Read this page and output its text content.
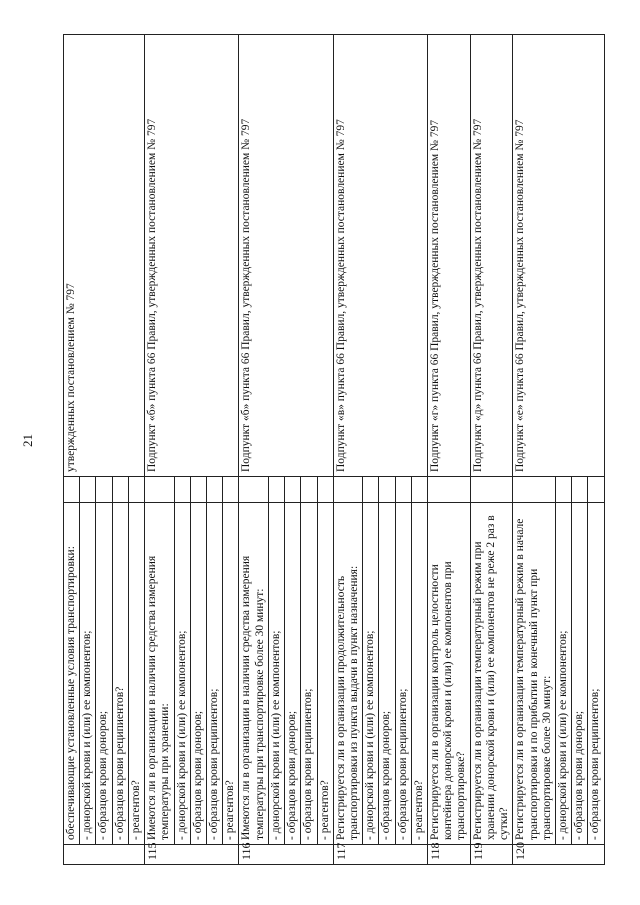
21
	обеспечивающие установленные условия транспортировки:		утвержденных постановлением № 797
	- донорской крови и (или) ее компонентов;		
	- образцов крови доноров;		
	- образцов крови реципиентов?		
	- реагентов?		
115	Имеются ли в организации в наличии средства измерения температуры при хранении:		Подпункт «б» пункта 66 Правил, утвержденных постановлением № 797
	- донорской крови и (или) ее компонентов;		
	- образцов крови доноров;		
	- образцов крови реципиентов;		
	- реагентов?		
116	Имеются ли в организации в наличии средства измерения температуры при транспортировке более 30 минут:		Подпункт «б» пункта 66 Правил, утвержденных постановлением № 797
	- донорской крови и (или) ее компонентов;		
	- образцов крови доноров;		
	- образцов крови реципиентов;		
	- реагентов?		
117	Регистрируется ли в организации продолжительность транспортировки из пункта выдачи в пункт назначения:		Подпункт «в» пункта 66 Правил, утвержденных постановлением № 797
	- донорской крови и (или) ее компонентов;		
	- образцов крови доноров;		
	- образцов крови реципиентов;		
	- реагентов?		
118	Регистрируется ли в организации контроль целостности контейнера донорской крови и (или) ее компонентов при транспортировке?		Подпункт «г» пункта 66 Правил, утвержденных постановлением № 797
119	Регистрируется ли в организации температурный режим при хранении донорской крови и (или) ее компонентов не реже 2 раз в сутки?		Подпункт «д» пункта 66 Правил, утвержденных постановлением № 797
120	Регистрируется ли в организации температурный режим в начале транспортировки и по прибытии в конечный пункт при транспортировке более 30 минут:		Подпункт «е» пункта 66 Правил, утвержденных постановлением № 797
	- донорской крови и (или) ее компонентов;		
	- образцов крови доноров;		
	- образцов крови реципиентов;		
